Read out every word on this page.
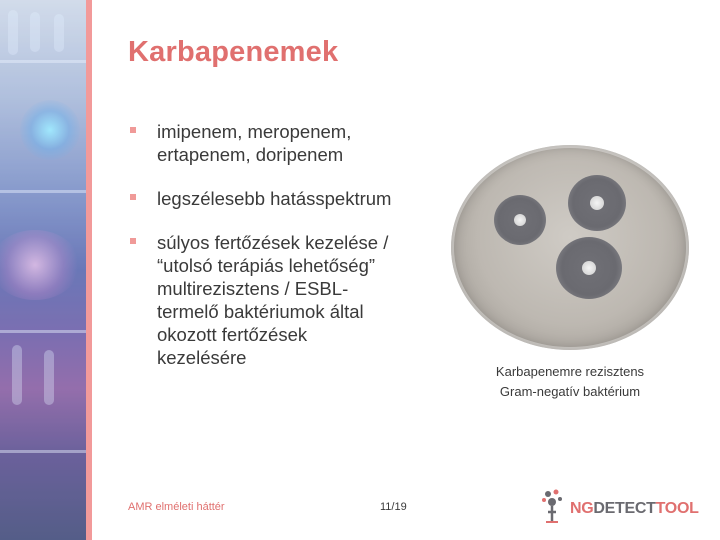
Karbapenemek
imipenem, meropenem,
ertapenem, doripenem
legszélesebb hatásspektrum
súlyos fertőzések kezelése /
“utolsó terápiás lehetőség”
multirezisztens / ESBL-
termelő baktériumok által
okozott fertőzések
kezelésére
Karbapenemre rezisztens
Gram-negatív baktérium
AMR elméleti háttér	11/19	NGDETECTTOOL
